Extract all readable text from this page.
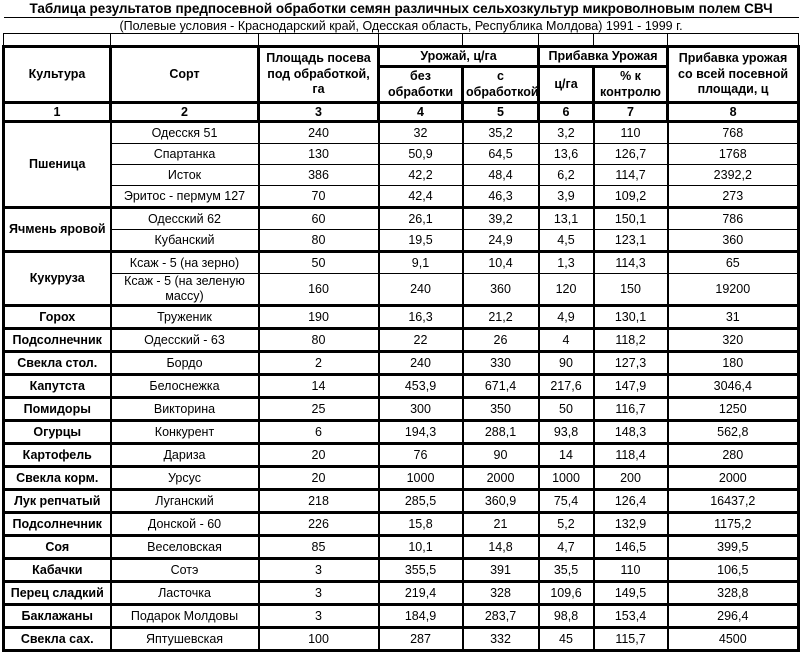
Таблица результатов предпосевной обработки семян различных сельхозкультур микроволновым полем СВЧ							
(Полевые условия - Краснодарский край, Одесская область, Республика Молдова) 1991 - 1999 г.							

Культура	Сорт	Площадь посева под обработкой, га	Урожай, ц/га		Прибавка Урожая		Прибавка урожая со всей посевной площади, ц
			без обработки	с обработкой	ц/га	% к контролю	
1	2	3	4	5	6	7	8
Пшеница	Одесскя 51	240	32	35,2	3,2	110	768
	Спартанка	130	50,9	64,5	13,6	126,7	1768
	Исток	386	42,2	48,4	6,2	114,7	2392,2
	Эритос - пермум 127	70	42,4	46,3	3,9	109,2	273
Ячмень яровой	Одесский 62	60	26,1	39,2	13,1	150,1	786
	Кубанский	80	19,5	24,9	4,5	123,1	360
Кукуруза	Ксаж - 5 (на зерно)	50	9,1	10,4	1,3	114,3	65
	Ксаж - 5 (на зеленую массу)	160	240	360	120	150	19200
Горох	Труженик	190	16,3	21,2	4,9	130,1	31
Подсолнечник	Одесский - 63	80	22	26	4	118,2	320
Свекла стол.	Бордо	2	240	330	90	127,3	180
Капутста	Белоснежка	14	453,9	671,4	217,6	147,9	3046,4
Помидоры	Викторина	25	300	350	50	116,7	1250
Огурцы	Конкурент	6	194,3	288,1	93,8	148,3	562,8
Картофель	Дариза	20	76	90	14	118,4	280
Свекла корм.	Урсус	20	1000	2000	1000	200	2000
Лук репчатый	Луганский	218	285,5	360,9	75,4	126,4	16437,2
Подсолнечник	Донской - 60	226	15,8	21	5,2	132,9	1175,2
Соя	Веселовская	85	10,1	14,8	4,7	146,5	399,5
Кабачки	Сотэ	3	355,5	391	35,5	110	106,5
Перец сладкий	Ласточка	3	219,4	328	109,6	149,5	328,8
Баклажаны	Подарок Молдовы	3	184,9	283,7	98,8	153,4	296,4
Свекла сах.	Яптушевская	100	287	332	45	115,7	4500
